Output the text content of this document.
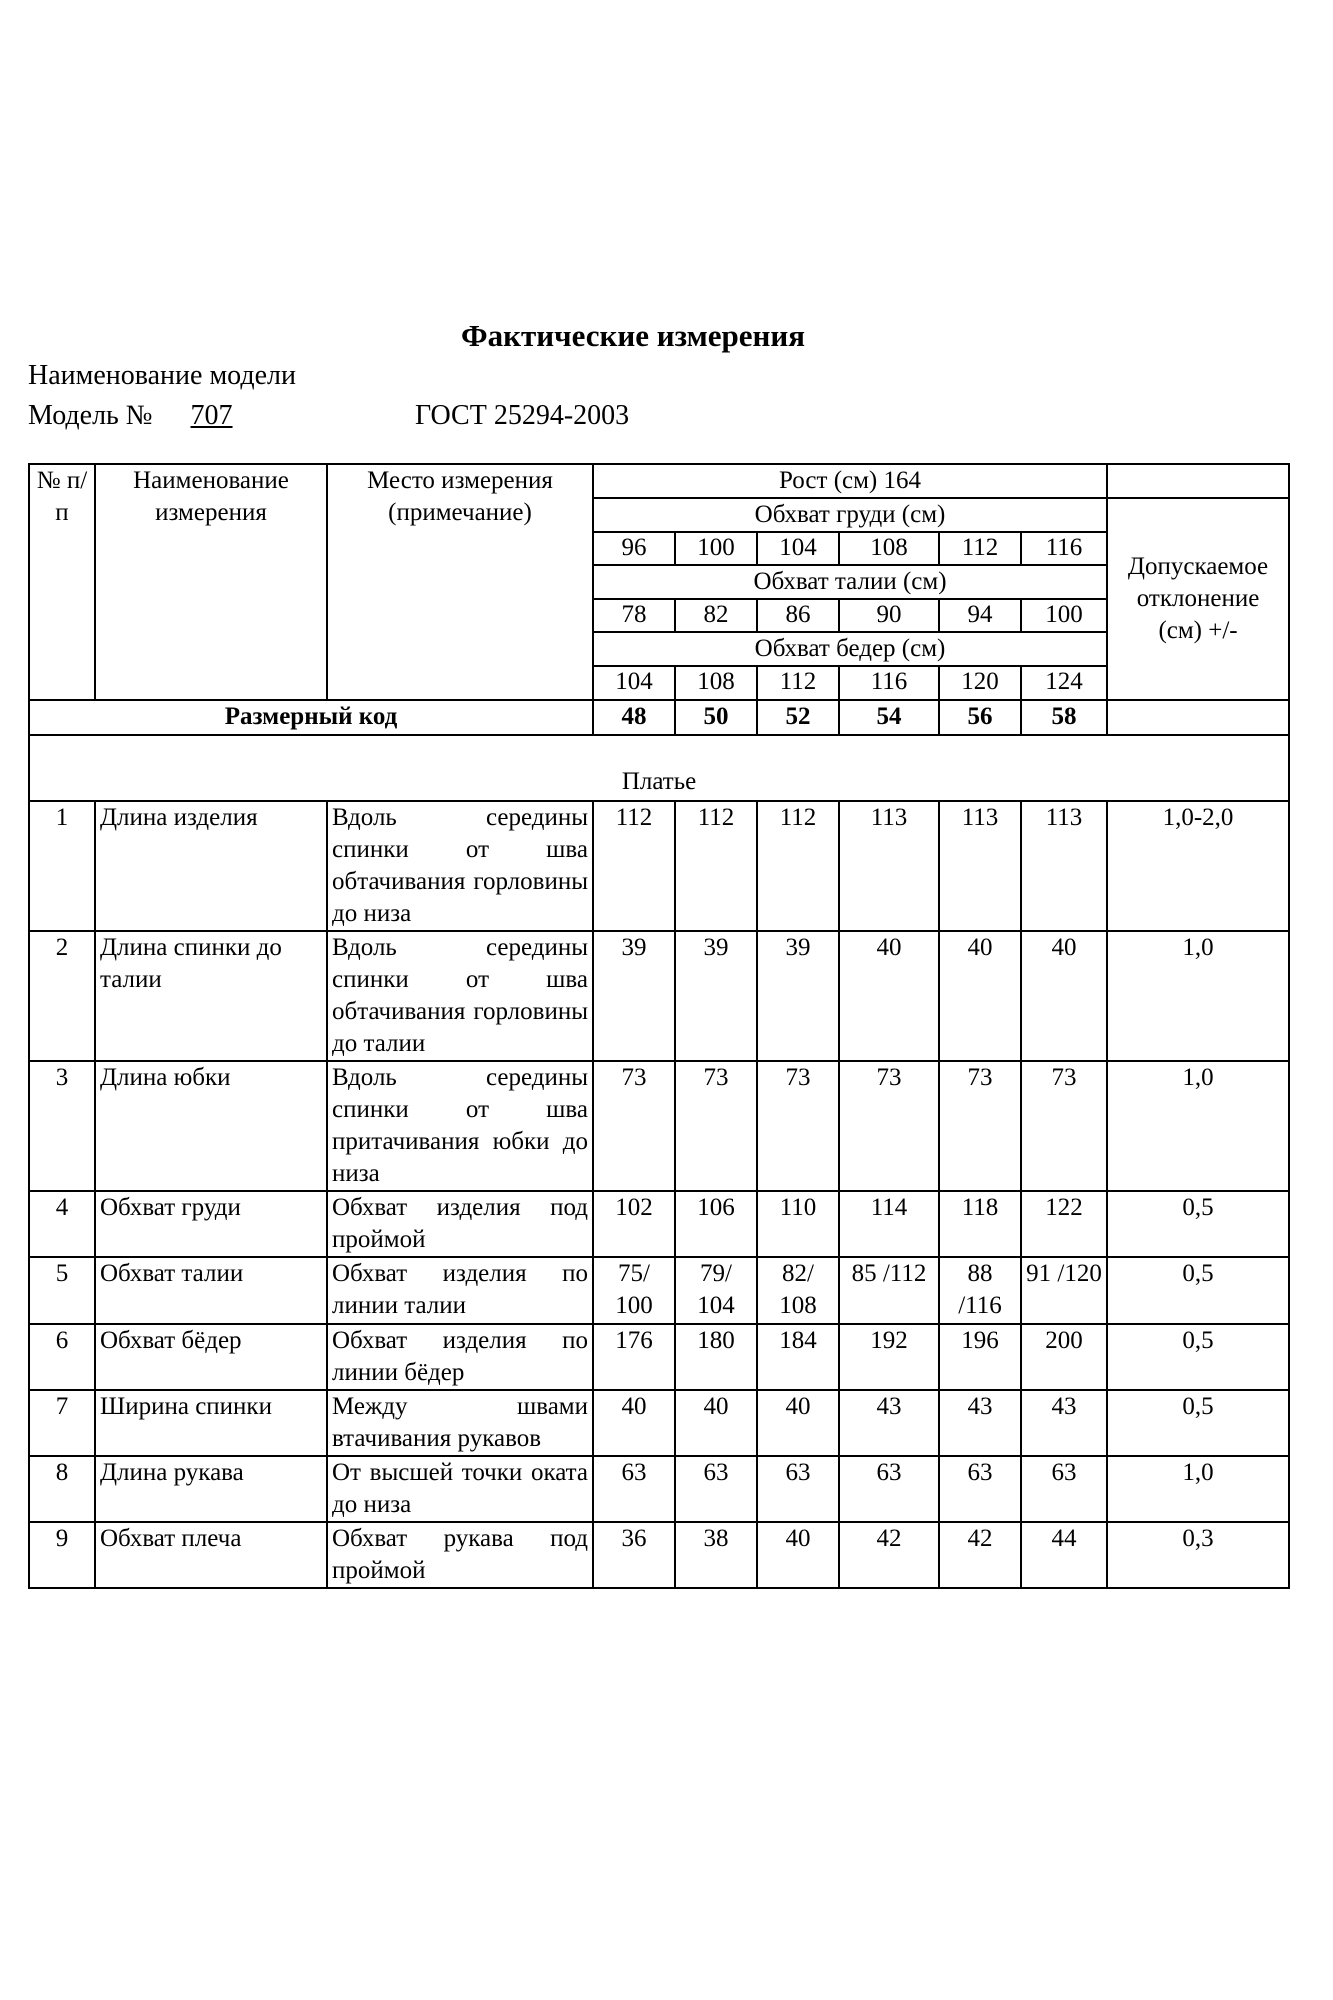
Фактические измерения
Наименование модели
Модель № 707	ГОСТ 25294-2003
№ п/п	Наименование измерения	Место измерения (примечание)	Рост (см) 164						
			Обхват груди (см)						Допускаемое отклонение (см) +/-
			96	100	104	108	112	116	
			Обхват талии (см)						
			78	82	86	90	94	100	
			Обхват бедер (см)						
			104	108	112	116	120	124	
Размерный код			48	50	52	54	56	58	
Платье									
1	Длина изделия	Вдоль середины спинки от шва обтачивания горловины до низа	112	112	112	113	113	113	1,0-2,0
2	Длина спинки до талии	Вдоль середины спинки от шва обтачивания горловины до талии	39	39	39	40	40	40	1,0
3	Длина юбки	Вдоль середины спинки от шва притачивания юбки до низа	73	73	73	73	73	73	1,0
4	Обхват груди	Обхват изделия под проймой	102	106	110	114	118	122	0,5
5	Обхват талии	Обхват изделия по линии талии	75/ 100	79/ 104	82/ 108	85 /112	88 /116	91 /120	0,5
6	Обхват бёдер	Обхват изделия по линии бёдер	176	180	184	192	196	200	0,5
7	Ширина спинки	Между швами втачивания рукавов	40	40	40	43	43	43	0,5
8	Длина рукава	От высшей точки оката до низа	63	63	63	63	63	63	1,0
9	Обхват плеча	Обхват рукава под проймой	36	38	40	42	42	44	0,3
